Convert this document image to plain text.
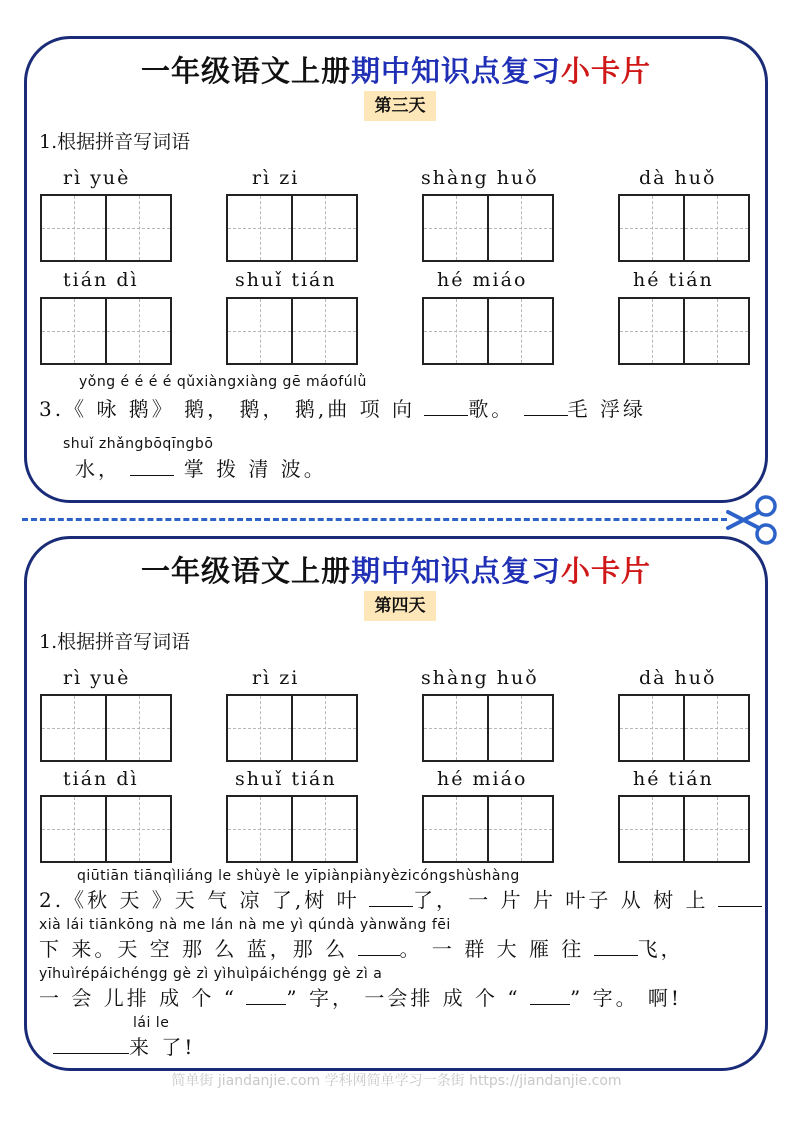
一年级语文上册期中知识点复习小卡片
第三天
1.根据拼音写词语
rì yuè	rì zi	shàng huǒ	dà huǒ
tián dì	shuǐ tián	hé miáo	hé tián
yǒng é é é é qǔxiàngxiàng gē máofúlǜ
3.《 咏 鹅》 鹅， 鹅， 鹅,曲 项 向	歌。	毛 浮绿
shuǐ zhǎngbōqīngbō
水，	掌 拨 清 波。
一年级语文上册期中知识点复习小卡片
第四天
1.根据拼音写词语
rì yuè	rì zi	shàng huǒ	dà huǒ
tián dì	shuǐ tián	hé miáo	hé tián
qiūtiān tiānqìliáng le shùyè le yīpiànpiànyèzicóngshùshàng
2.《秋 天 》天 气 凉 了,树 叶	了， 一 片 片 叶子 从 树 上
xià lái tiānkōng nà me lán nà me yì qúndà yànwǎng fēi
下 来。天 空 那 么 蓝，那 么	。 一 群 大 雁 往	飞，
yīhuìrépáichéngg gè zì yìhuìpáichéngg gè zì a
一 会 儿排 成 个 “ ” 字， 一会排 成 个 “ ” 字。 啊!
lái le
来 了!
简单街 jiandanjie.com 学科网简单学习一条街 https://jiandanjie.com
